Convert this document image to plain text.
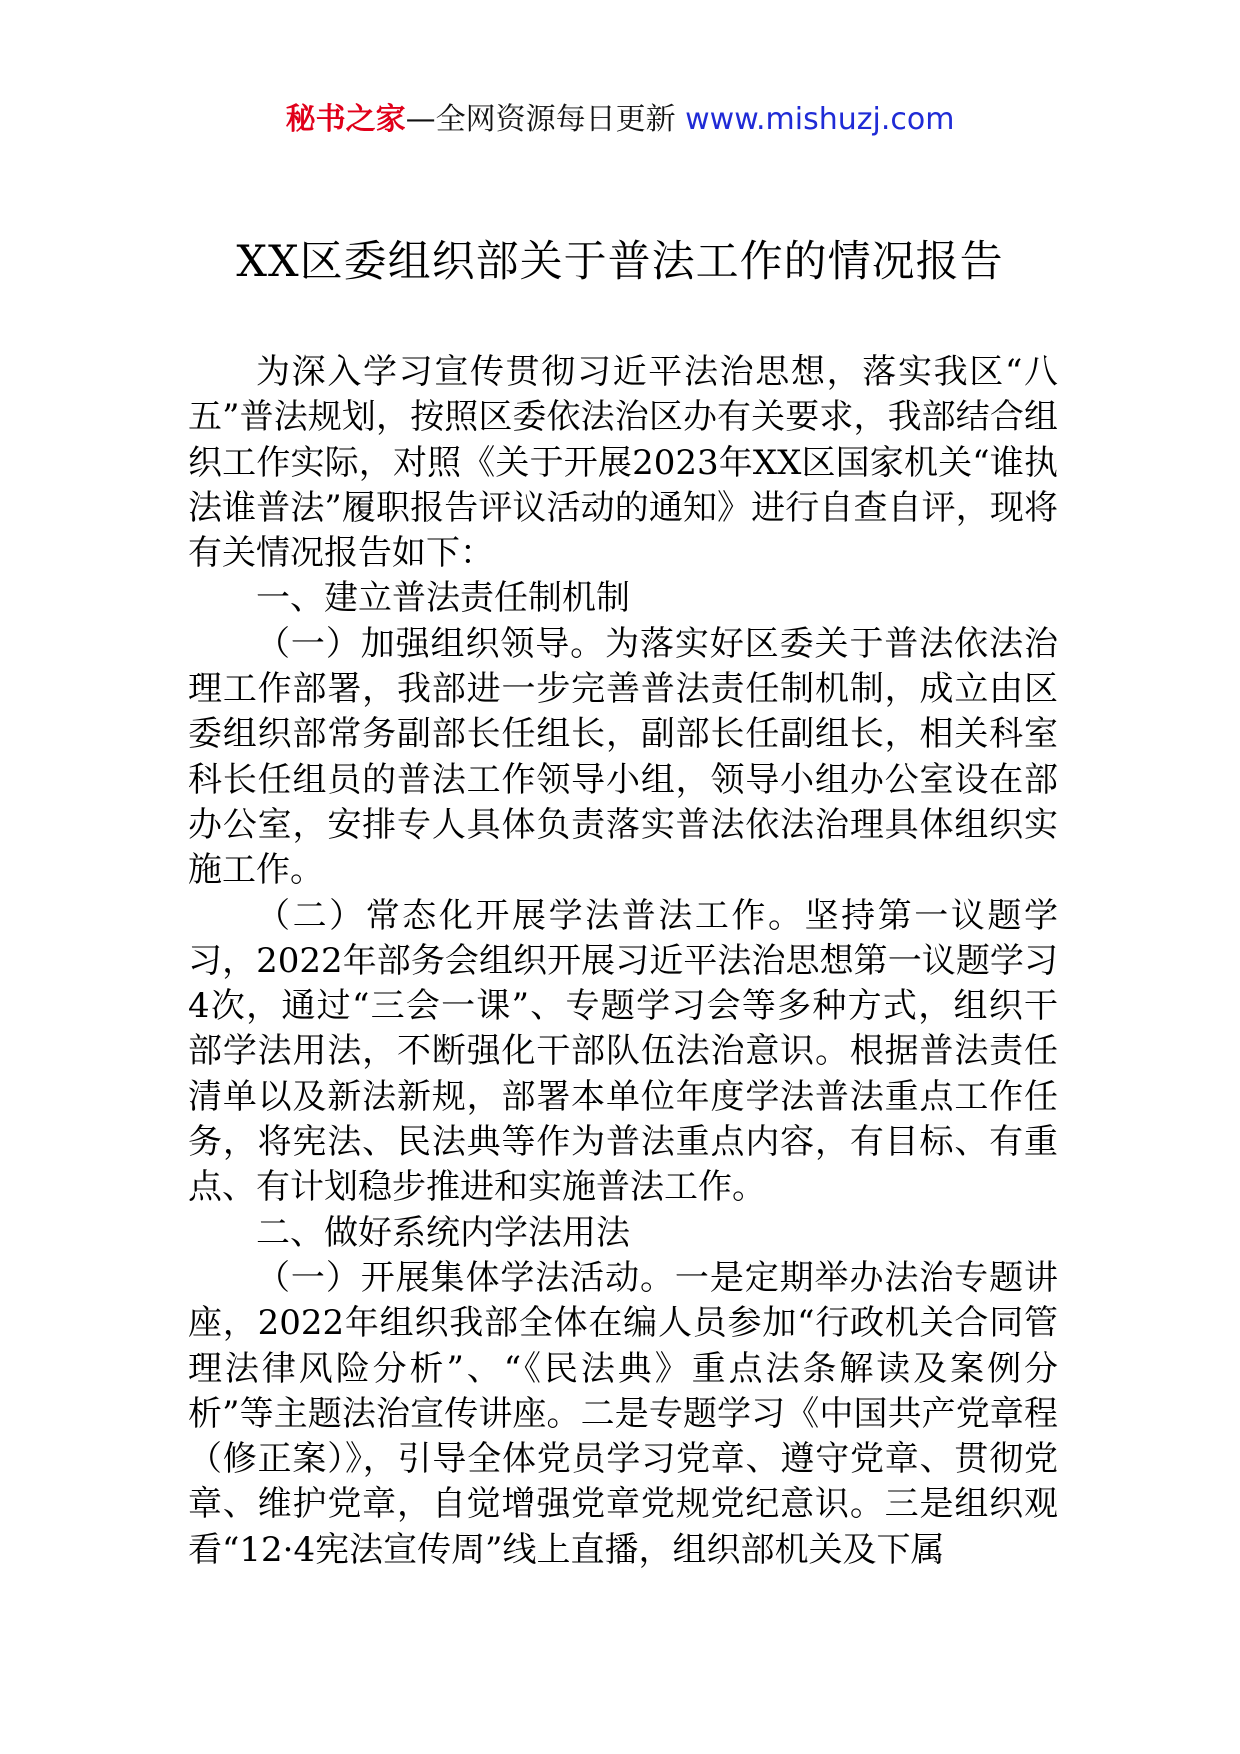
秘书之家—全网资源每日更新 www.mishuzj.com
XX区委组织部关于普法工作的情况报告

为深入学习宣传贯彻习近平法治思想，落实我区“八五”普法规划，按照区委依法治区办有关要求，我部结合组织工作实际，对照《关于开展2023年XX区国家机关“谁执法谁普法”履职报告评议活动的通知》进行自查自评，现将有关情况报告如下：

一、建立普法责任制机制

（一）加强组织领导。为落实好区委关于普法依法治理工作部署，我部进一步完善普法责任制机制，成立由区委组织部常务副部长任组长，副部长任副组长，相关科室科长任组员的普法工作领导小组，领导小组办公室设在部办公室，安排专人具体负责落实普法依法治理具体组织实施工作。

（二）常态化开展学法普法工作。坚持第一议题学习，2022年部务会组织开展习近平法治思想第一议题学习4次，通过“三会一课”、专题学习会等多种方式，组织干部学法用法，不断强化干部队伍法治意识。根据普法责任清单以及新法新规，部署本单位年度学法普法重点工作任务，将宪法、民法典等作为普法重点内容，有目标、有重点、有计划稳步推进和实施普法工作。

二、做好系统内学法用法

（一）开展集体学法活动。一是定期举办法治专题讲座，2022年组织我部全体在编人员参加“行政机关合同管理法律风险分析”、“《民法典》重点法条解读及案例分析”等主题法治宣传讲座。二是专题学习《中国共产党章程（修正案）》，引导全体党员学习党章、遵守党章、贯彻党章、维护党章，自觉增强党章党规党纪意识。三是组织观看“12·4宪法宣传周”线上直播，组织部机关及下属
